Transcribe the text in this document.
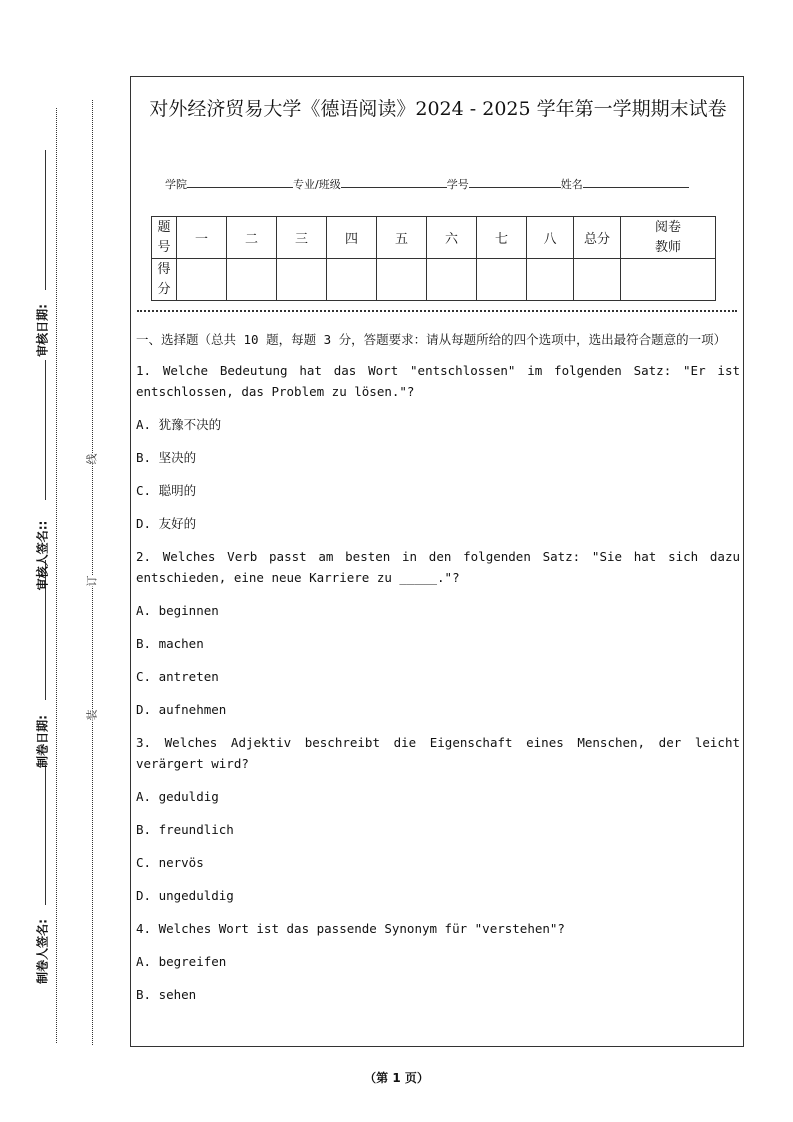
审核日期:
审核人签名::
制卷日期:
制卷人签名:
线
订
装
对外经济贸易大学《德语阅读》2024 - 2025 学年第一学期期末试卷
学院	专业/班级	学号	姓名
题号	一	二	三	四	五	六	七	八	总分	阅卷教师
得分										

一、选择题（总共 10 题，每题 3 分，答题要求：请从每题所给的四个选项中，选出最符合题意的一项）

1. Welche Bedeutung hat das Wort "entschlossen" im folgenden Satz: "Er ist entschlossen, das Problem zu lösen."?

A. 犹豫不决的

B. 坚决的

C. 聪明的

D. 友好的

2. Welches Verb passt am besten in den folgenden Satz: "Sie hat sich dazu entschieden, eine neue Karriere zu _____."?

A. beginnen

B. machen

C. antreten

D. aufnehmen

3. Welches Adjektiv beschreibt die Eigenschaft eines Menschen, der leicht verärgert wird?

A. geduldig

B. freundlich

C. nervös

D. ungeduldig

4. Welches Wort ist das passende Synonym für "verstehen"?

A. begreifen

B. sehen

（第 1 页）
